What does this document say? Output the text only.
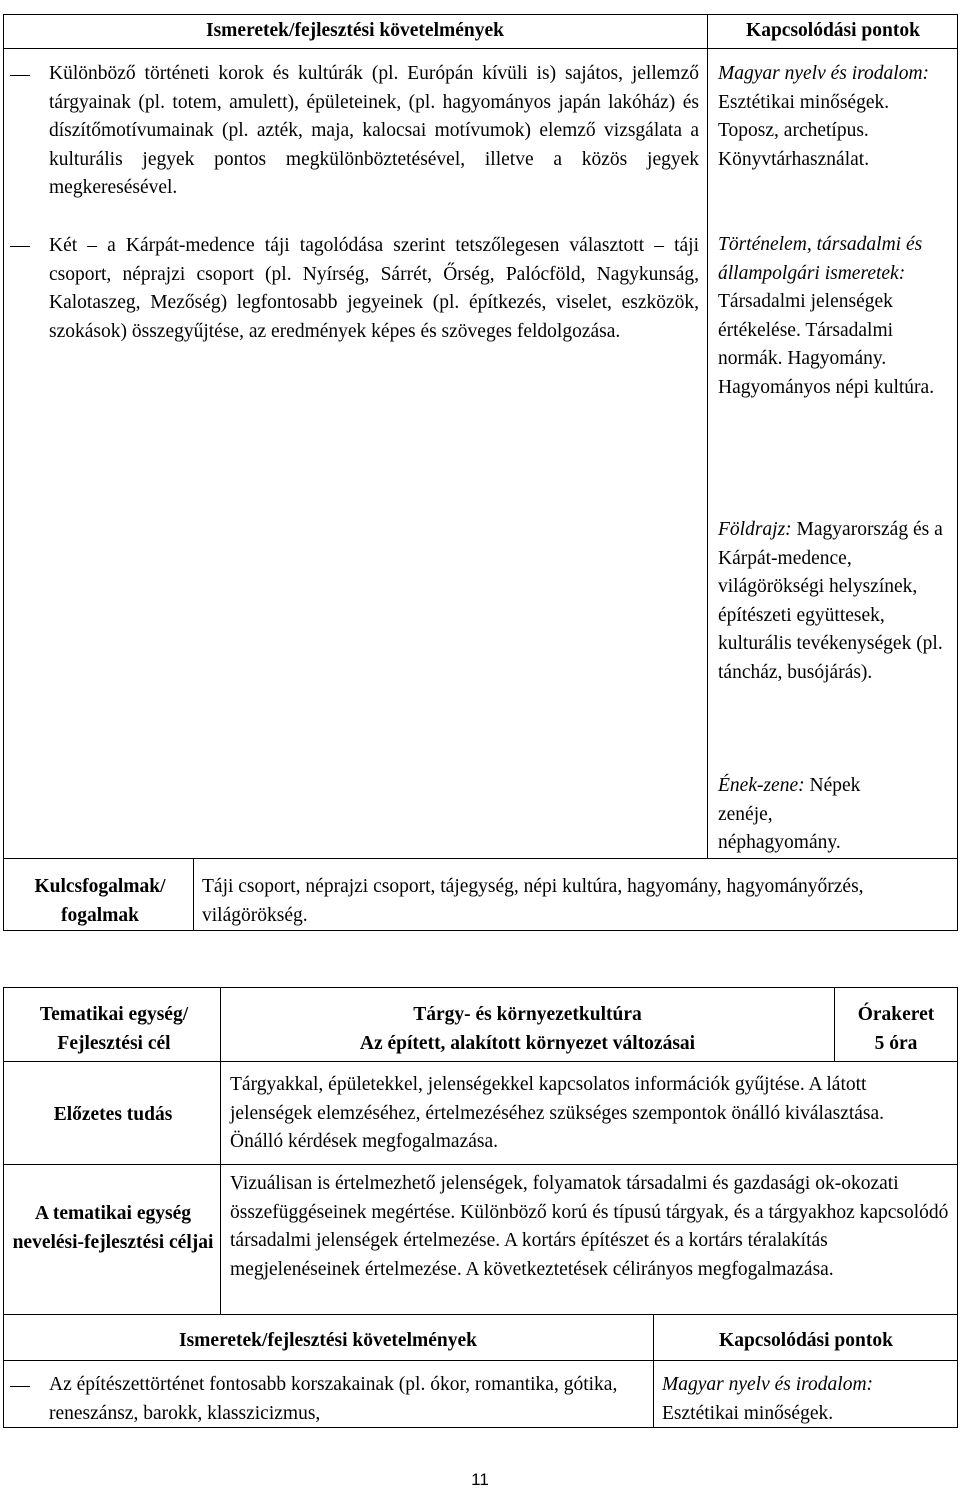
Ismeretek/fejlesztési követelmények	Kapcsolódási pontok

Különböző történeti korok és kultúrák (pl. Európán kívüli is) sajátos, jellemző tárgyainak (pl. totem, amulett), épületeinek, (pl. hagyományos japán lakóház) és díszítőmotívumainak (pl. azték, maja, kalocsai motívumok) elemző vizsgálata a kulturális jegyek pontos megkülönböztetésével, illetve a közös jegyek megkeresésével.

Két – a Kárpát-medence táji tagolódása szerint tetszőlegesen választott – táji csoport, néprajzi csoport (pl. Nyírség, Sárrét, Őrség, Palócföld, Nagykunság, Kalotaszeg, Mezőség) legfontosabb jegyeinek (pl. építkezés, viselet, eszközök, szokások) összegyűjtése, az eredmények képes és szöveges feldolgozása.

Magyar nyelv és irodalom: Esztétikai minőségek. Toposz, archetípus. Könyvtárhasználat.

Történelem, társadalmi és állampolgári ismeretek: Társadalmi jelenségek értékelése. Társadalmi normák. Hagyomány. Hagyományos népi kultúra.

Földrajz: Magyarország és a Kárpát-medence, világörökségi helyszínek, építészeti együttesek, kulturális tevékenységek (pl. táncház, busójárás).

Ének-zene: Népek zenéje, néphagyomány.

Kulcsfogalmak/ fogalmak

Táji csoport, néprajzi csoport, tájegység, népi kultúra, hagyomány, hagyományőrzés, világörökség.

Tematikai egység/ Fejlesztési cél

Tárgy- és környezetkultúra
Az épített, alakított környezet változásai

Órakeret
5 óra

Előzetes tudás

Tárgyakkal, épületekkel, jelenségekkel kapcsolatos információk gyűjtése. A látott jelenségek elemzéséhez, értelmezéséhez szükséges szempontok önálló kiválasztása. Önálló kérdések megfogalmazása.

A tematikai egység nevelési-fejlesztési céljai

Vizuálisan is értelmezhető jelenségek, folyamatok társadalmi és gazdasági ok-okozati összefüggéseinek megértése. Különböző korú és típusú tárgyak, és a tárgyakhoz kapcsolódó társadalmi jelenségek értelmezése. A kortárs építészet és a kortárs téralakítás megjelenéseinek értelmezése. A következtetések célirányos megfogalmazása.

Ismeretek/fejlesztési követelmények	Kapcsolódási pontok

Az építészettörténet fontosabb korszakainak (pl. ókor, romantika, gótika, reneszánsz, barokk, klasszicizmus,

Magyar nyelv és irodalom:
Esztétikai minőségek.

11
